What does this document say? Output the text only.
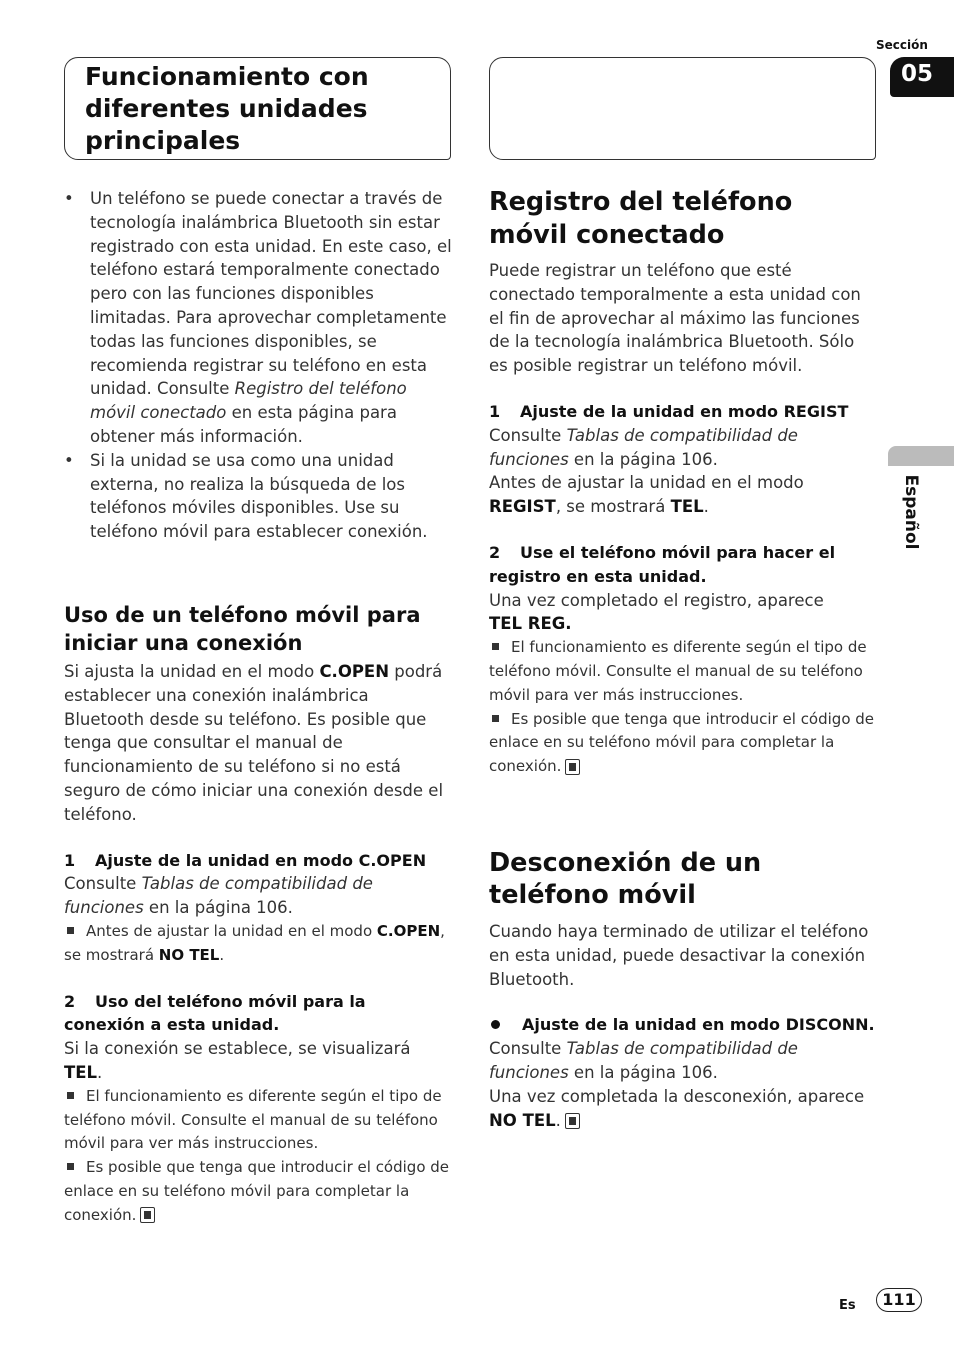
Sección
05
Español
Funcionamiento con diferentes unidades principales
• Un teléfono se puede conectar a través de tecnología inalámbrica Bluetooth sin estar registrado con esta unidad. En este caso, el teléfono estará temporalmente conectado pero con las funciones disponibles limitadas. Para aprovechar completamente todas las funciones disponibles, se recomienda registrar su teléfono en esta unidad. Consulte Registro del teléfono móvil conectado en esta página para obtener más información.
• Si la unidad se usa como una unidad externa, no realiza la búsqueda de los teléfonos móviles disponibles. Use su teléfono móvil para establecer conexión.
Uso de un teléfono móvil para iniciar una conexión

Si ajusta la unidad en el modo C.OPEN podrá establecer una conexión inalámbrica Bluetooth desde su teléfono. Es posible que tenga que consultar el manual de funcionamiento de su teléfono si no está seguro de cómo iniciar una conexión desde el teléfono.

1 Ajuste de la unidad en modo C.OPEN

Consulte Tablas de compatibilidad de funciones en la página 106.

Antes de ajustar la unidad en el modo C.OPEN, se mostrará NO TEL.

2 Uso del teléfono móvil para la conexión a esta unidad.

Si la conexión se establece, se visualizará TEL.

El funcionamiento es diferente según el tipo de teléfono móvil. Consulte el manual de su teléfono móvil para ver más instrucciones.

Es posible que tenga que introducir el código de enlace en su teléfono móvil para completar la conexión.

Registro del teléfono móvil conectado

Puede registrar un teléfono que esté conectado temporalmente a esta unidad con el fin de aprovechar al máximo las funciones de la tecnología inalámbrica Bluetooth. Sólo es posible registrar un teléfono móvil.

1 Ajuste de la unidad en modo REGIST

Consulte Tablas de compatibilidad de funciones en la página 106.

Antes de ajustar la unidad en el modo REGIST, se mostrará TEL.

2 Use el teléfono móvil para hacer el registro en esta unidad.

Una vez completado el registro, aparece
TEL REG.

El funcionamiento es diferente según el tipo de teléfono móvil. Consulte el manual de su teléfono móvil para ver más instrucciones.

Es posible que tenga que introducir el código de enlace en su teléfono móvil para completar la conexión.

Desconexión de un teléfono móvil

Cuando haya terminado de utilizar el teléfono en esta unidad, puede desactivar la conexión Bluetooth.

Ajuste de la unidad en modo DISCONN.

Consulte Tablas de compatibilidad de funciones en la página 106.

Una vez completada la desconexión, aparece
NO TEL.

Es	111
